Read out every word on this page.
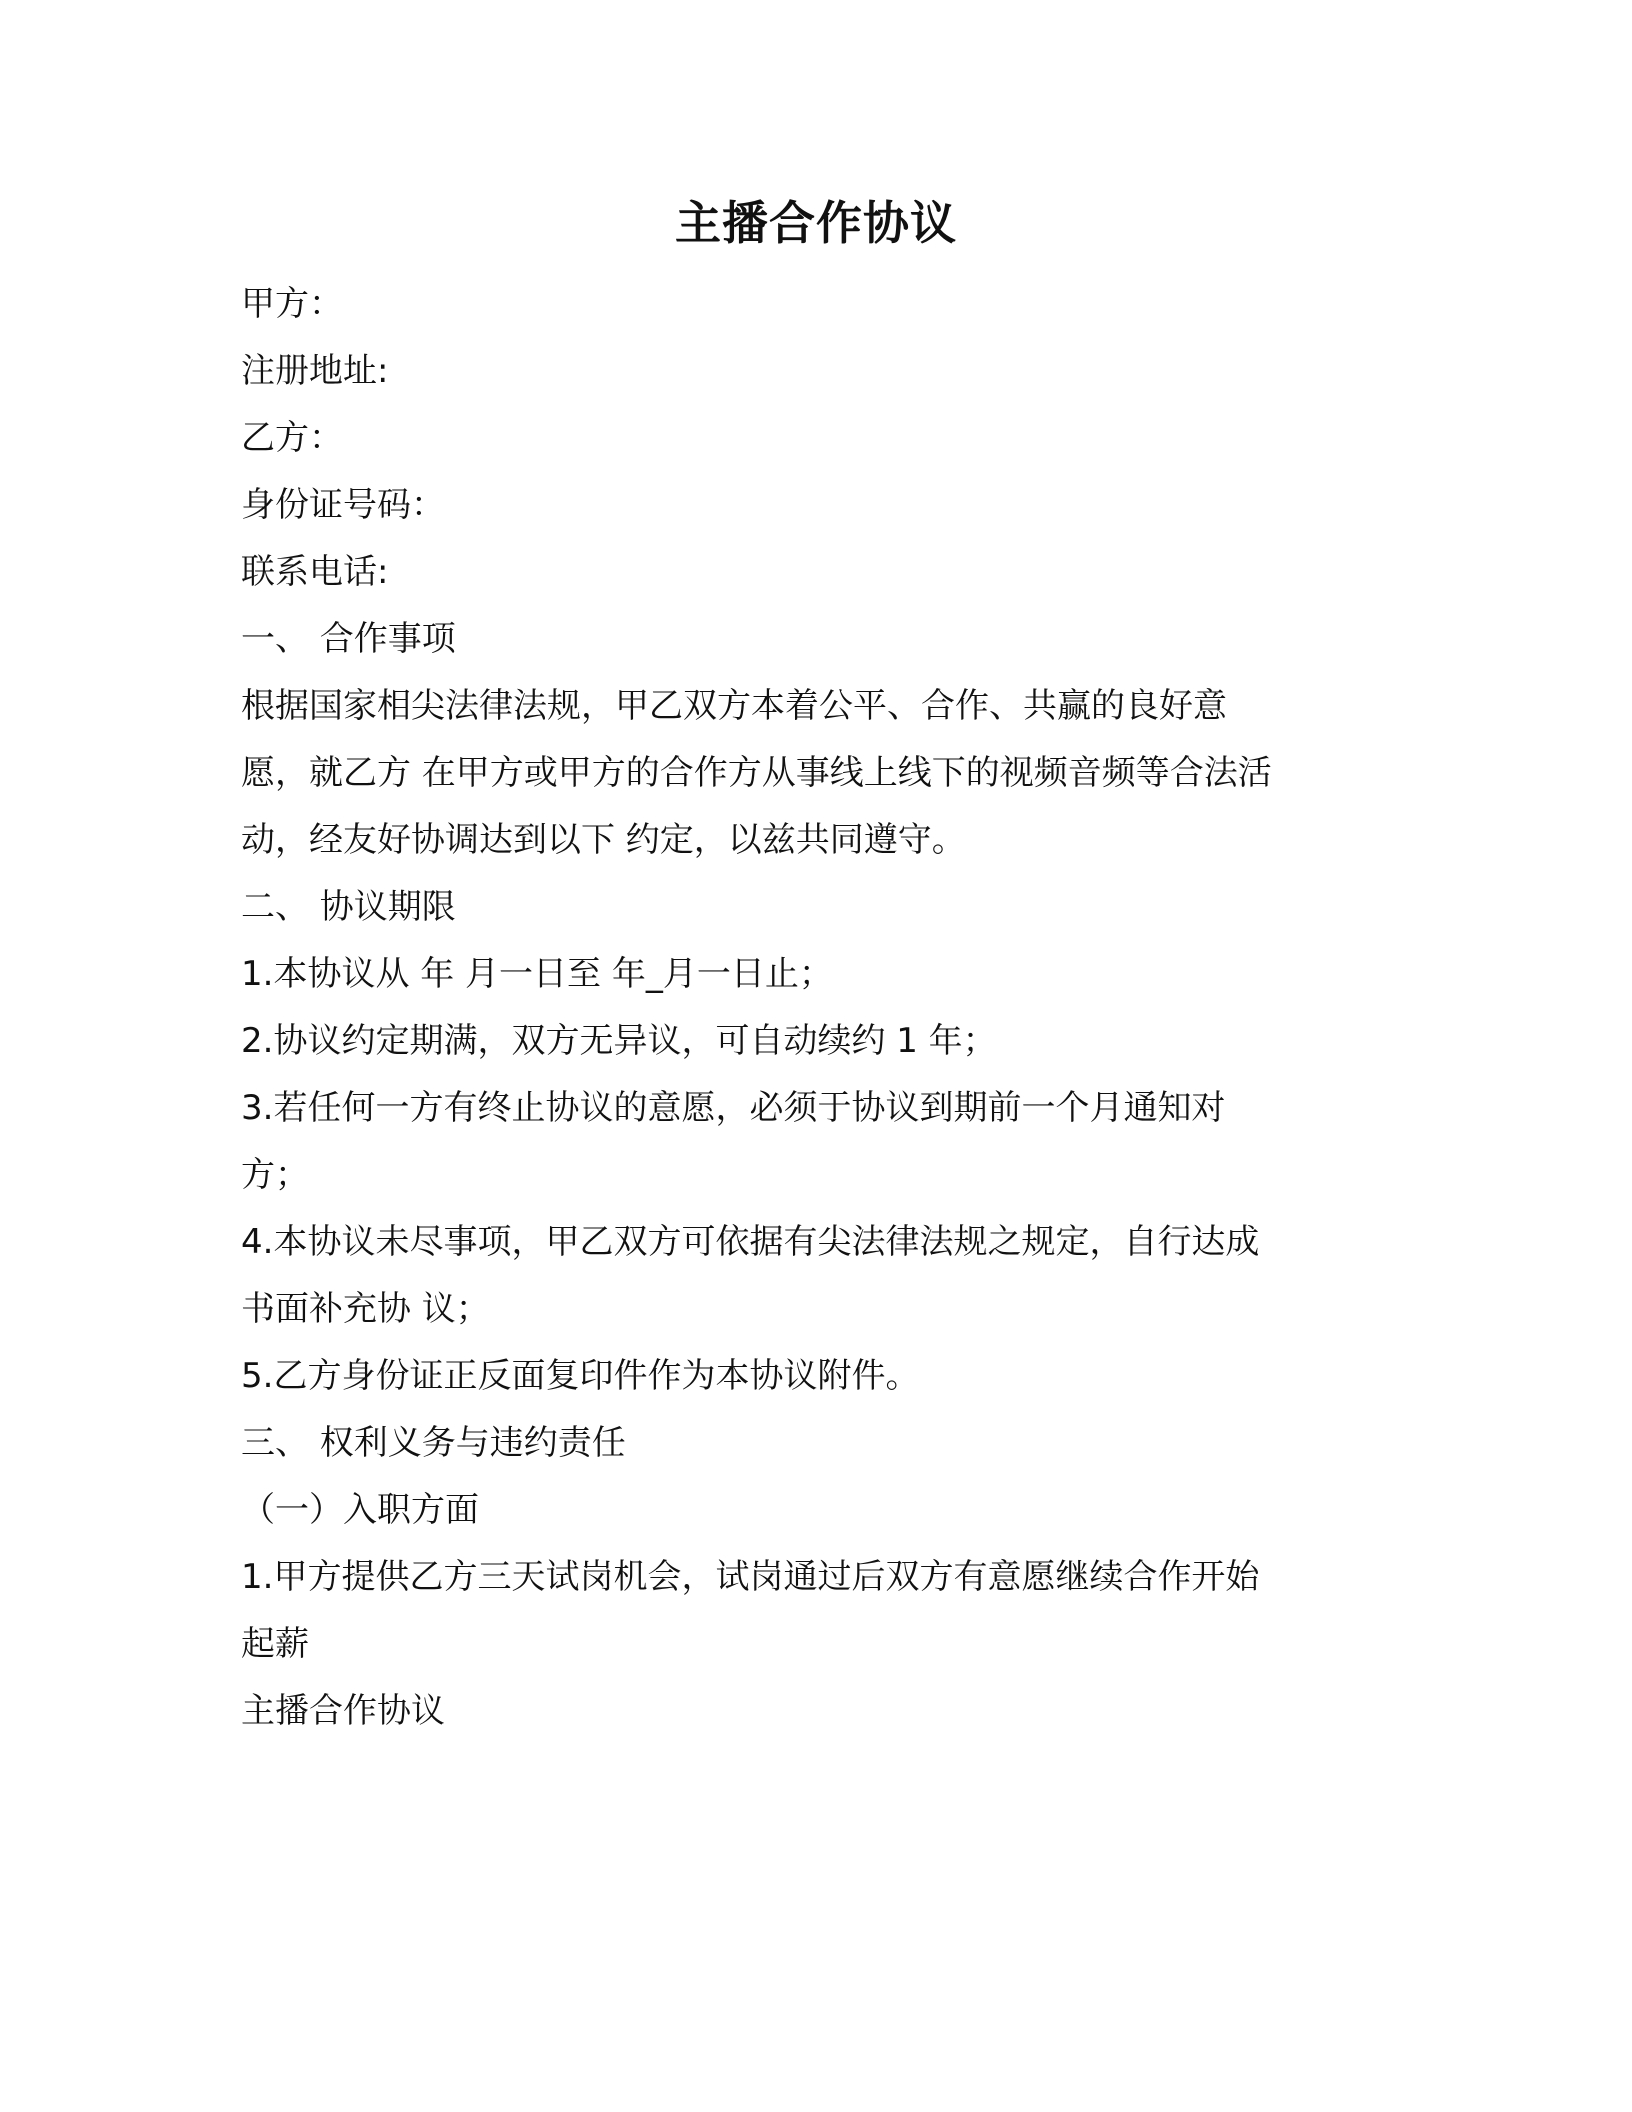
主播合作协议
甲方：
注册地址:
乙方：
身份证号码：
联系电话:
一、 合作事项
根据国家相尖法律法规，甲乙双方本着公平、合作、共赢的良好意
愿，就乙方 在甲方或甲方的合作方从事线上线下的视频音频等合法活
动，经友好协调达到以下 约定，以兹共同遵守。
二、 协议期限
1.本协议从 年 月一日至 年_月一日止；
2.协议约定期满，双方无异议，可自动续约 1 年；
3.若任何一方有终止协议的意愿，必须于协议到期前一个月通知对
方；
4.本协议未尽事项，甲乙双方可依据有尖法律法规之规定，自行达成
书面补充协 议；
5.乙方身份证正反面复印件作为本协议附件。
三、 权利义务与违约责任
（一）入职方面
1.甲方提供乙方三天试岗机会，试岗通过后双方有意愿继续合作开始
起薪
主播合作协议
